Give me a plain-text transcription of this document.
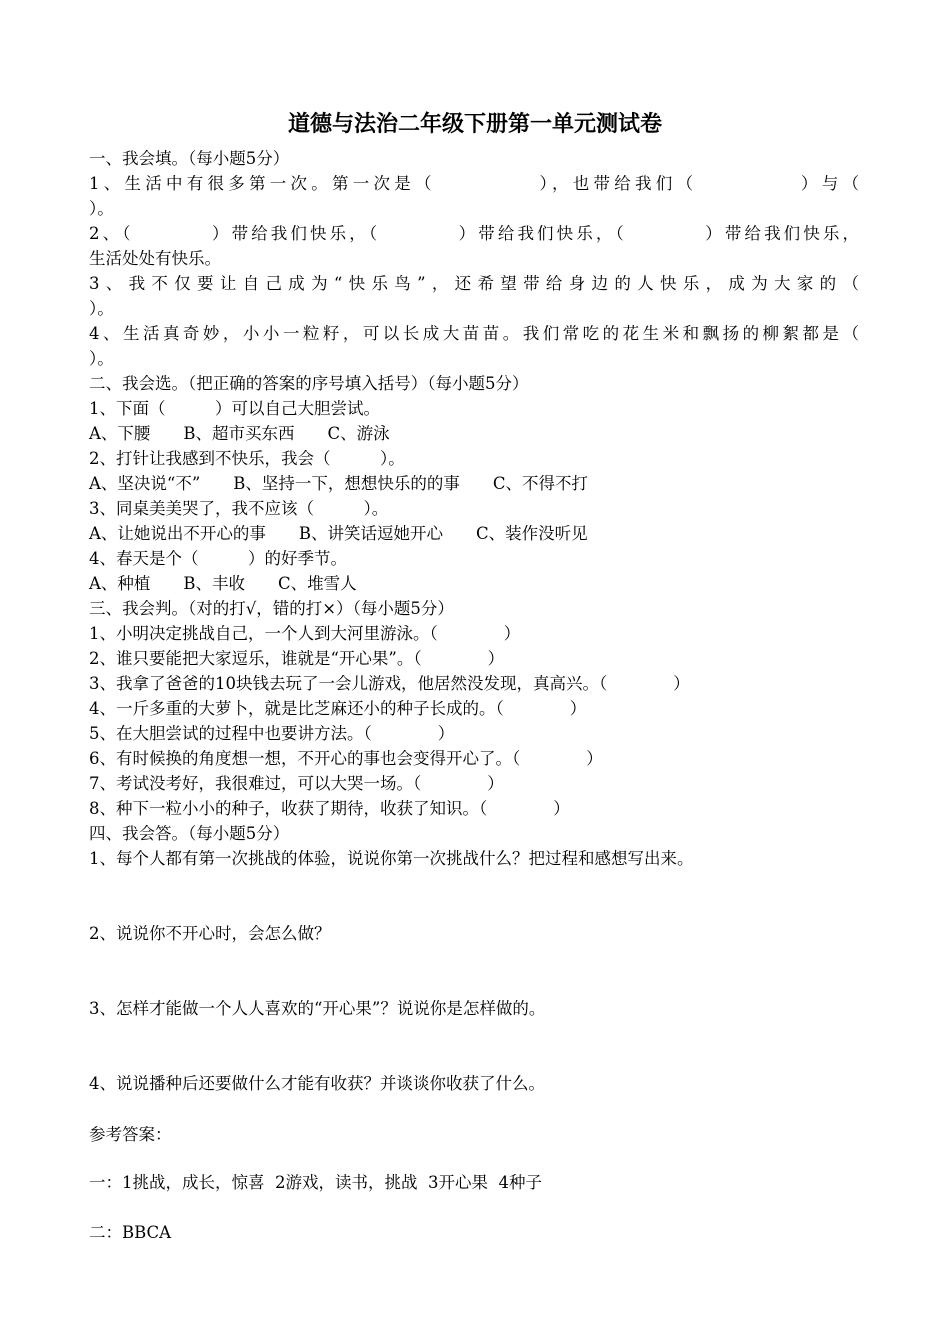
道德与法治二年级下册第一单元测试卷
一、我会填。（每小题5分）
1、生活中有很多第一次。第一次是（　　　　　），也带给我们（　　　　　）与（
）。
2、（　　　　）带给我们快乐，（　　　　）带给我们快乐，（　　　　）带给我们快乐，
生活处处有快乐。
3、我不仅要让自己成为“快乐鸟”，还希望带给身边的人快乐，成为大家的（
）。
4、生活真奇妙，小小一粒籽，可以长成大苗苗。我们常吃的花生米和飘扬的柳絮都是（
）。
二、我会选。（把正确的答案的序号填入括号）（每小题5分）
1、下面（　　　）可以自己大胆尝试。
A、下腰　　B、超市买东西　　C、游泳
2、打针让我感到不快乐，我会（　　　）。
A、坚决说“不”　　B、坚持一下，想想快乐的的事　　C、不得不打
3、同桌美美哭了，我不应该（　　　）。
A、让她说出不开心的事　　B、讲笑话逗她开心　　C、装作没听见
4、春天是个（　　　）的好季节。
A、种植　　B、丰收　　C、堆雪人
三、我会判。（对的打√，错的打×）（每小题5分）
1、小明决定挑战自己，一个人到大河里游泳。（　　　　）
2、谁只要能把大家逗乐，谁就是“开心果”。（　　　　）
3、我拿了爸爸的10块钱去玩了一会儿游戏，他居然没发现，真高兴。（　　　　）
4、一斤多重的大萝卜，就是比芝麻还小的种子长成的。（　　　　）
5、在大胆尝试的过程中也要讲方法。（　　　　）
6、有时候换的角度想一想，不开心的事也会变得开心了。（　　　　）
7、考试没考好，我很难过，可以大哭一场。（　　　　）
8、种下一粒小小的种子，收获了期待，收获了知识。（　　　　）
四、我会答。（每小题5分）
1、每个人都有第一次挑战的体验，说说你第一次挑战什么？把过程和感想写出来。
2、说说你不开心时，会怎么做？
3、怎样才能做一个人人喜欢的“开心果”？说说你是怎样做的。
4、说说播种后还要做什么才能有收获？并谈谈你收获了什么。
参考答案：
一：1挑战，成长，惊喜  2游戏，读书，挑战  3开心果  4种子
二：BBCA
